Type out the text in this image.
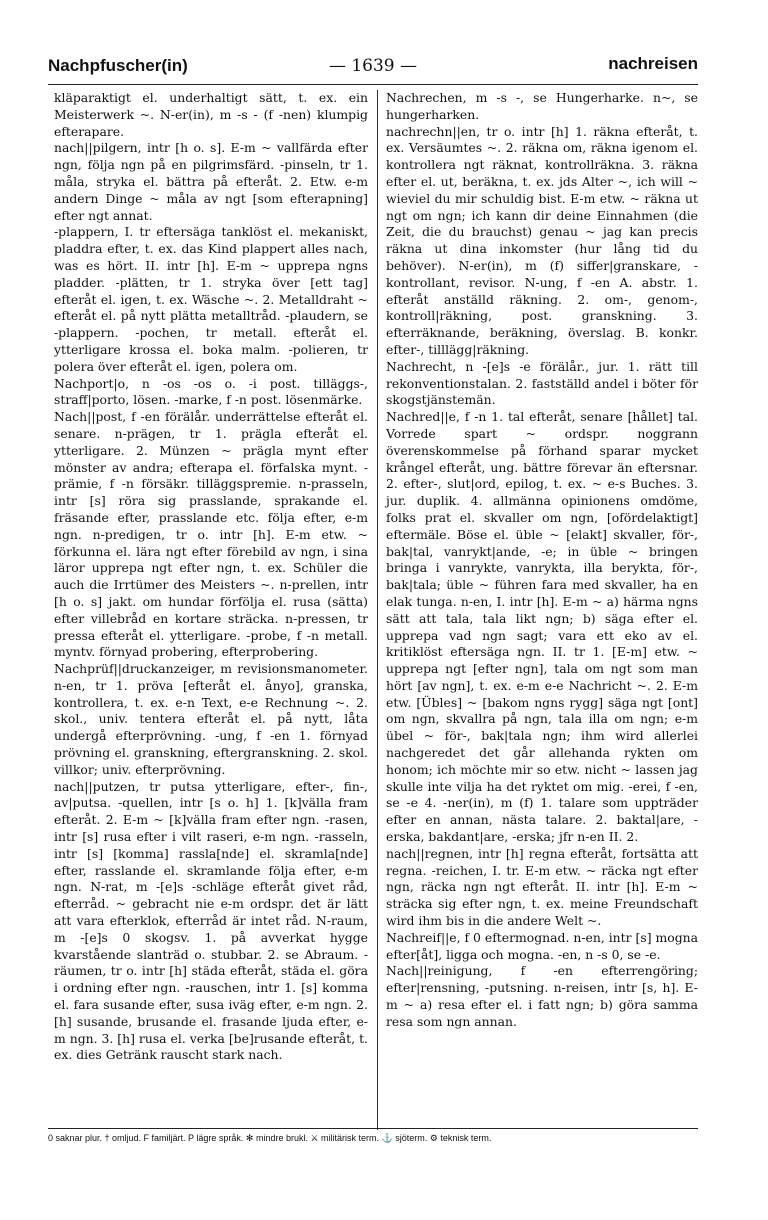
Nachpfuscher(in)	— 1639 —	nachreisen

kläparaktigt el. underhaltigt sätt, t. ex. ein Meisterwerk ~. N-er(in), m -s - (f -nen) klumpig efterapare.

nach||pilgern, intr [h o. s]. E-m ~ vallfärda efter ngn, följa ngn på en pilgrimsfärd. -pinseln, tr 1. måla, stryka el. bättra på efteråt. 2. Etw. e-m andern Dinge ~ måla av ngt [som efterapning] efter ngt annat.

-plappern, I. tr eftersäga tanklöst el. mekaniskt, pladdra efter, t. ex. das Kind plappert alles nach, was es hört. II. intr [h]. E-m ~ upprepa ngns pladder. -plätten, tr 1. stryka över [ett tag] efteråt el. igen, t. ex. Wäsche ~. 2. Metalldraht ~ efteråt el. på nytt plätta metalltråd. -plaudern, se -plappern. -pochen, tr metall. efteråt el. ytterligare krossa el. boka malm. -polieren, tr polera över efteråt el. igen, polera om.

Nachport|o, n -os -os o. -i post. tilläggs-, straff|porto, lösen. -marke, f -n post. lösenmärke.

Nach||post, f -en förälår. underrättelse efteråt el. senare. n-prägen, tr 1. prägla efteråt el. ytterligare. 2. Münzen ~ prägla mynt efter mönster av andra; efterapa el. förfalska mynt. -prämie, f -n försäkr. tilläggspremie. n-prasseln, intr [s] röra sig prasslande, sprakande el. fräsande efter, prasslande etc. följa efter, e-m ngn. n-predigen, tr o. intr [h]. E-m etw. ~ förkunna el. lära ngt efter förebild av ngn, i sina läror upprepa ngt efter ngn, t. ex. Schüler die auch die Irrtümer des Meisters ~. n-prellen, intr [h o. s] jakt. om hundar förfölja el. rusa (sätta) efter villebråd en kortare sträcka. n-pressen, tr pressa efteråt el. ytterligare. -probe, f -n metall. myntv. förnyad probering, efterprobering.

Nachprüf||druckanzeiger, m revisionsmanometer. n-en, tr 1. pröva [efteråt el. ånyo], granska, kontrollera, t. ex. e-n Text, e-e Rechnung ~. 2. skol., univ. tentera efteråt el. på nytt, låta undergå efterprövning. -ung, f -en 1. förnyad prövning el. granskning, eftergranskning. 2. skol. villkor; univ. efterprövning.

nach||putzen, tr putsa ytterligare, efter-, fin-, av|putsa. -quellen, intr [s o. h] 1. [k]välla fram efteråt. 2. E-m ~ [k]välla fram efter ngn. -rasen, intr [s] rusa efter i vilt raseri, e-m ngn. -rasseln, intr [s] [komma] rassla[nde] el. skramla[nde] efter, rasslande el. skramlande följa efter, e-m ngn. N-rat, m -[e]s -schläge efteråt givet råd, efterråd. ~ gebracht nie e-m ordspr. det är lätt att vara efterklok, efterråd är intet råd. N-raum, m -[e]s 0 skogsv. 1. på avverkat hygge kvarstående slanträd o. stubbar. 2. se Abraum. -räumen, tr o. intr [h] städa efteråt, städa el. göra i ordning efter ngn. -rauschen, intr 1. [s] komma el. fara susande efter, susa iväg efter, e-m ngn. 2. [h] susande, brusande el. frasande ljuda efter, e-m ngn. 3. [h] rusa el. verka [be]rusande efteråt, t. ex. dies Getränk rauscht stark nach.

Nachrechen, m -s -, se Hungerharke. n~, se hungerharken.

nachrechn||en, tr o. intr [h] 1. räkna efteråt, t. ex. Versäumtes ~. 2. räkna om, räkna igenom el. kontrollera ngt räknat, kontrollräkna. 3. räkna efter el. ut, beräkna, t. ex. jds Alter ~, ich will ~ wieviel du mir schuldig bist. E-m etw. ~ räkna ut ngt om ngn; ich kann dir deine Einnahmen (die Zeit, die du brauchst) genau ~ jag kan precis räkna ut dina inkomster (hur lång tid du behöver). N-er(in), m (f) siffer|granskare, -kontrollant, revisor. N-ung, f -en A. abstr. 1. efteråt anställd räkning. 2. om-, genom-, kontroll|räkning, post. granskning. 3. efterräknande, beräkning, överslag. B. konkr. efter-, tilllägg|räkning.

Nachrecht, n -[e]s -e förälår., jur. 1. rätt till rekonventionstalan. 2. fastställd andel i böter för skogstjänstemän.

Nachred||e, f -n 1. tal efteråt, senare [hållet] tal. Vorrede spart ~ ordspr. noggrann överenskommelse på förhand sparar mycket krångel efteråt, ung. bättre förevar än eftersnar. 2. efter-, slut|ord, epilog, t. ex. ~ e-s Buches. 3. jur. duplik. 4. allmänna opinionens omdöme, folks prat el. skvaller om ngn, [ofördelaktigt] eftermäle. Böse el. üble ~ [elakt] skvaller, för-, bak|tal, vanrykt|ande, -e; in üble ~ bringen bringa i vanrykte, vanrykta, illa berykta, för-, bak|tala; üble ~ führen fara med skvaller, ha en elak tunga. n-en, I. intr [h]. E-m ~ a) härma ngns sätt att tala, tala likt ngn; b) säga efter el. upprepa vad ngn sagt; vara ett eko av el. kritiklöst eftersäga ngn. II. tr 1. [E-m] etw. ~ upprepa ngt [efter ngn], tala om ngt som man hört [av ngn], t. ex. e-m e-e Nachricht ~. 2. E-m etw. [Übles] ~ [bakom ngns rygg] säga ngt [ont] om ngn, skvallra på ngn, tala illa om ngn; e-m übel ~ för-, bak|tala ngn; ihm wird allerlei nachgeredet det går allehanda rykten om honom; ich möchte mir so etw. nicht ~ lassen jag skulle inte vilja ha det ryktet om mig. -erei, f -en, se -e 4. -ner(in), m (f) 1. talare som uppträder efter en annan, nästa talare. 2. baktal|are, -erska, bakdant|are, -erska; jfr n-en II. 2.

nach||regnen, intr [h] regna efteråt, fortsätta att regna. -reichen, I. tr. E-m etw. ~ räcka ngt efter ngn, räcka ngn ngt efteråt. II. intr [h]. E-m ~ sträcka sig efter ngn, t. ex. meine Freundschaft wird ihm bis in die andere Welt ~.

Nachreif||e, f 0 eftermognad. n-en, intr [s] mogna efter[åt], ligga och mogna. -en, n -s 0, se -e.

Nach||reinigung, f -en efterrengöring; efter|rensning, -putsning. n-reisen, intr [s, h]. E-m ~ a) resa efter el. i fatt ngn; b) göra samma resa som ngn annan.

0 saknar plur. † omljud. F familjärt. P lägre språk. ✻ mindre brukl. ⚔ militärisk term. ⚓ sjöterm. ⚙ teknisk term.
